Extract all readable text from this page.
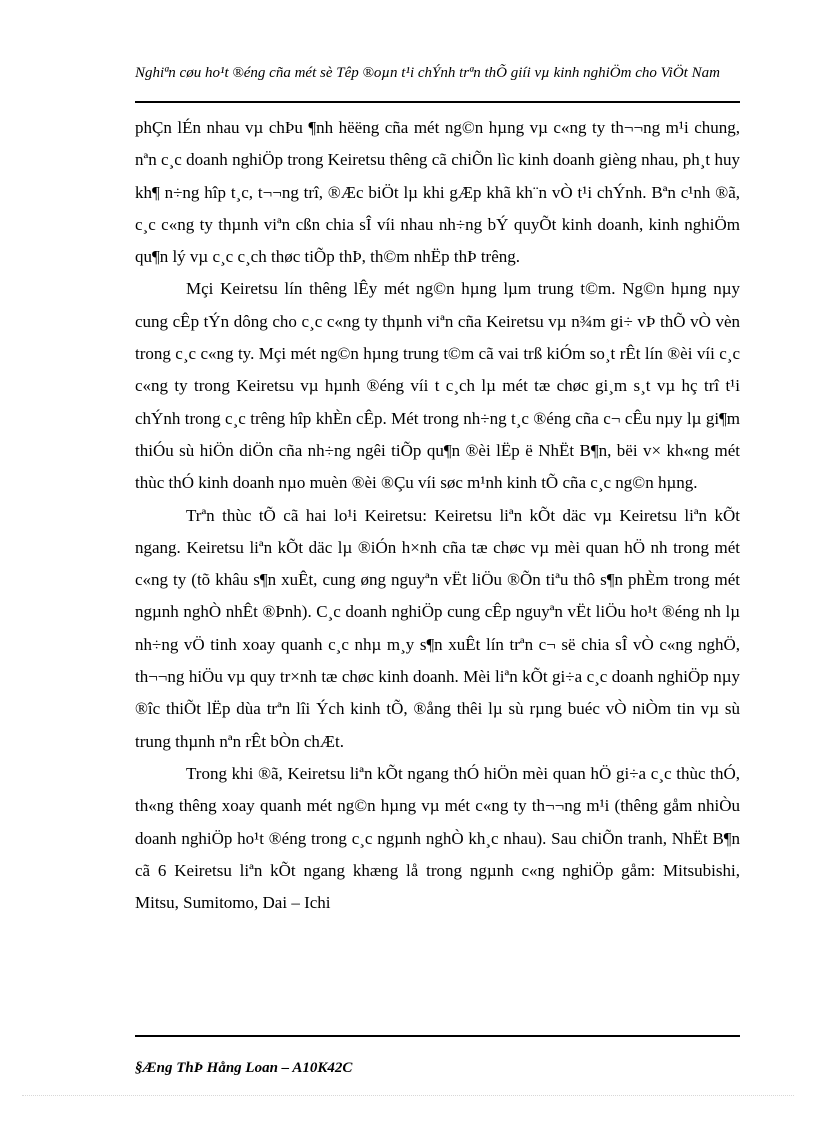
Nghiªn cøu ho¹t ®éng cña mét sè Têp ®oµn t¹i chÝnh trªn thÕ giíi vµ kinh nghiÖm cho ViÖt Nam

phÇn lÉn nhau vµ chÞu ¶nh hëëng cña mét ng©n hµng vµ c«ng ty th¬¬ng m¹i chung, nªn c¸c doanh nghiÖp trong Keiretsu thêng cã chiÕn lìc kinh doanh gièng nhau, ph¸t huy kh¶ n÷ng hîp t¸c, t¬¬ng trî, ®Æc biÖt lµ khi gÆp khã kh¨n vÒ t¹i chÝnh. Bªn c¹nh ®ã, c¸c c«ng ty thµnh viªn cßn chia sÎ víi nhau nh÷ng bÝ quyÕt kinh doanh, kinh nghiÖm qu¶n lý vµ c¸c c¸ch thøc tiÕp thÞ, th©m nhËp thÞ trêng.

Mçi Keiretsu lín thêng lÊy mét ng©n hµng lµm trung t©m. Ng©n hµng nµy cung cÊp tÝn dông cho c¸c c«ng ty thµnh viªn cña Keiretsu vµ n¾m gi÷ vÞ thÕ vÒ vèn trong c¸c c«ng ty. Mçi mét ng©n hµng trung t©m cã vai trß kiÓm so¸t rÊt lín ®èi víi c¸c c«ng ty trong Keiretsu vµ hµnh ®éng víi t c¸ch lµ mét tæ chøc gi¸m s¸t vµ hç trî t¹i chÝnh trong c¸c trêng hîp khÈn cÊp. Mét trong nh÷ng t¸c ®éng cña c¬ cÊu nµy lµ gi¶m thiÓu sù hiÖn diÖn cña nh÷ng ngêi tiÕp qu¶n ®èi lËp ë NhËt B¶n, bëi v× kh«ng mét thùc thÓ kinh doanh nµo muèn ®èi ®Çu víi søc m¹nh kinh tÕ cña c¸c ng©n hµng.

Trªn thùc tÕ cã hai lo¹i Keiretsu: Keiretsu liªn kÕt däc vµ Keiretsu liªn kÕt ngang. Keiretsu liªn kÕt däc lµ ®iÓn h×nh cña tæ chøc vµ mèi quan hÖ nh trong mét c«ng ty (tõ khâu s¶n xuÊt, cung øng nguyªn vËt liÖu ®Õn tiªu thô s¶n phÈm trong mét ngµnh nghÒ nhÊt ®Þnh). C¸c doanh nghiÖp cung cÊp nguyªn vËt liÖu ho¹t ®éng nh lµ nh÷ng vÖ tinh xoay quanh c¸c nhµ m¸y s¶n xuÊt lín trªn c¬ së chia sÎ vÒ c«ng nghÖ, th¬¬ng hiÖu vµ quy tr×nh tæ chøc kinh doanh. Mèi liªn kÕt gi÷a c¸c doanh nghiÖp nµy ®îc thiÕt lËp dùa trªn lîi Ých kinh tÕ, ®ång thêi lµ sù rµng buéc vÒ niÒm tin vµ sù trung thµnh nªn rÊt bÒn chÆt.

Trong khi ®ã, Keiretsu liªn kÕt ngang thÓ hiÖn mèi quan hÖ gi÷a c¸c thùc thÓ, th«ng thêng xoay quanh mét ng©n hµng vµ mét c«ng ty th¬¬ng m¹i (thêng gåm nhiÒu doanh nghiÖp ho¹t ®éng trong c¸c ngµnh nghÒ kh¸c nhau). Sau chiÕn tranh, NhËt B¶n cã 6 Keiretsu liªn kÕt ngang khæng lå trong ngµnh c«ng nghiÖp gåm: Mitsubishi, Mitsu, Sumitomo, Dai – Ichi

§Æng ThÞ Hång Loan – A10K42C
